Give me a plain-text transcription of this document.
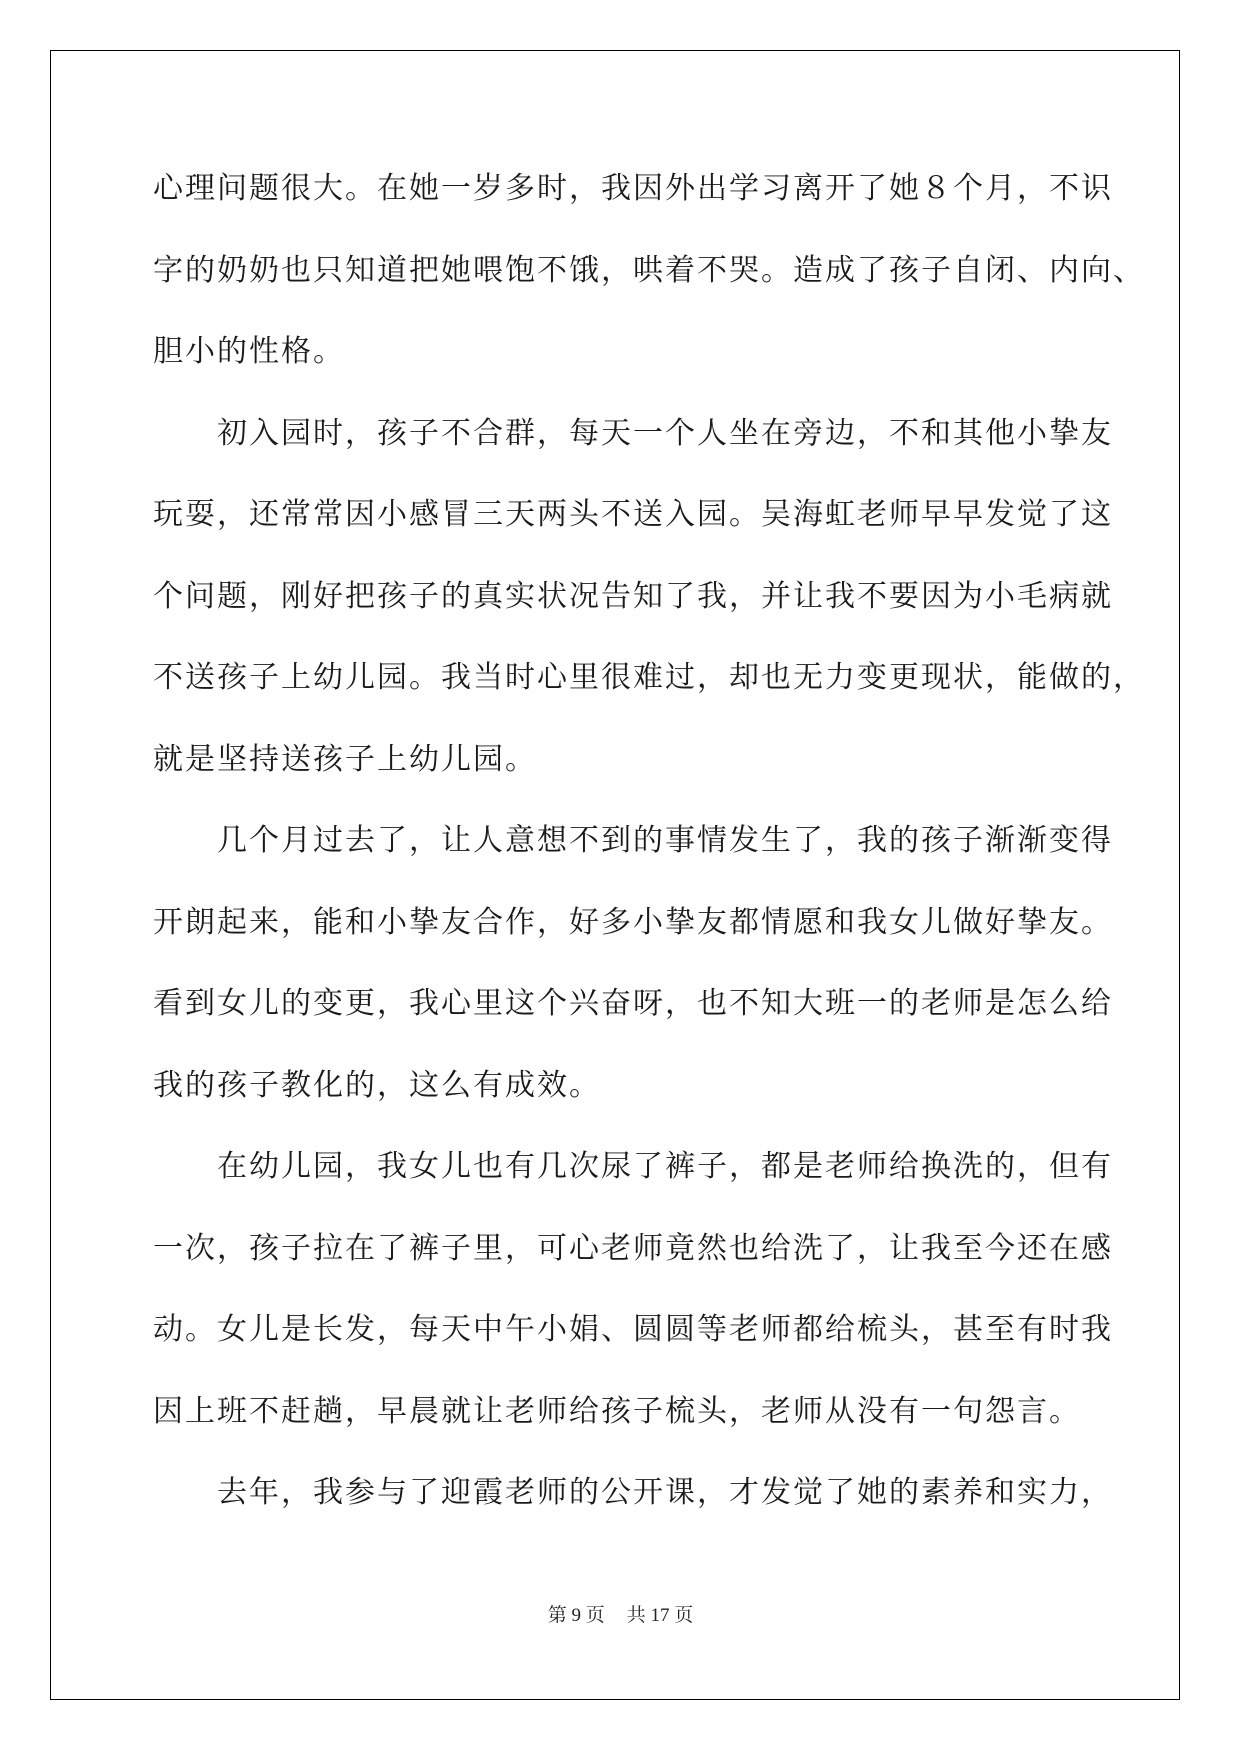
心理问题很大。在她一岁多时，我因外出学习离开了她８个月，不识
字的奶奶也只知道把她喂饱不饿，哄着不哭。造成了孩子自闭、内向、
胆小的性格。
初入园时，孩子不合群，每天一个人坐在旁边，不和其他小挚友
玩耍，还常常因小感冒三天两头不送入园。吴海虹老师早早发觉了这
个问题，刚好把孩子的真实状况告知了我，并让我不要因为小毛病就
不送孩子上幼儿园。我当时心里很难过，却也无力变更现状，能做的，
就是坚持送孩子上幼儿园。
几个月过去了，让人意想不到的事情发生了，我的孩子渐渐变得
开朗起来，能和小挚友合作，好多小挚友都情愿和我女儿做好挚友。
看到女儿的变更，我心里这个兴奋呀，也不知大班一的老师是怎么给
我的孩子教化的，这么有成效。
在幼儿园，我女儿也有几次尿了裤子，都是老师给换洗的，但有
一次，孩子拉在了裤子里，可心老师竟然也给洗了，让我至今还在感
动。女儿是长发，每天中午小娟、圆圆等老师都给梳头，甚至有时我
因上班不赶趟，早晨就让老师给孩子梳头，老师从没有一句怨言。
去年，我参与了迎霞老师的公开课，才发觉了她的素养和实力，
第 9 页 共 17 页
